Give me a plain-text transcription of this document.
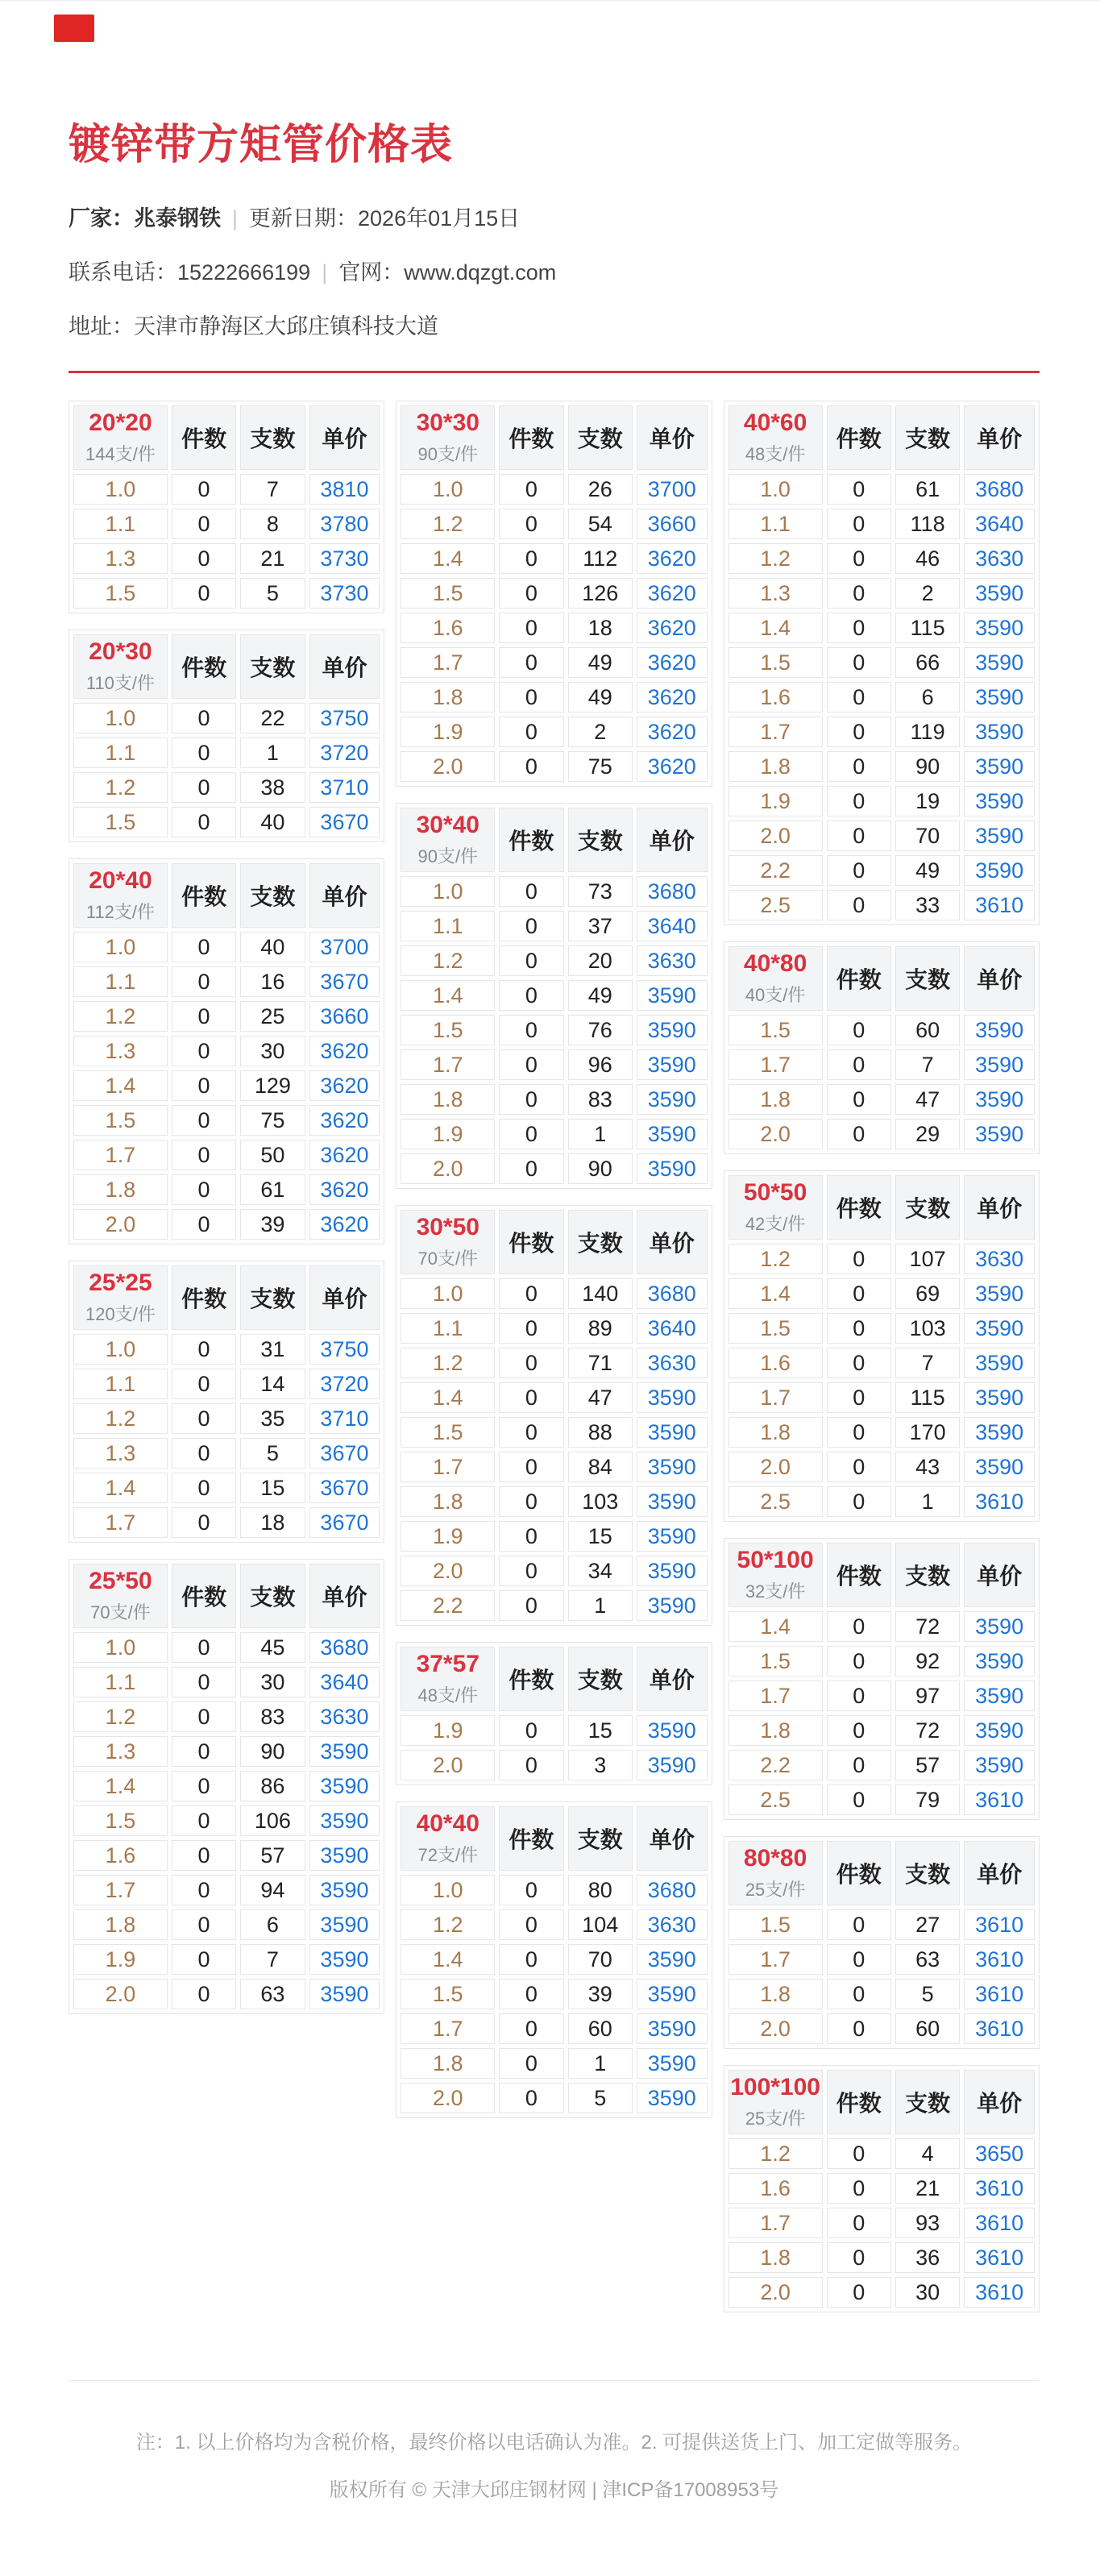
镀锌带方矩管价格表
厂家：兆泰钢铁 | 更新日期：2026年01月15日
联系电话：15222666199 | 官网：www.dqzgt.com
地址：天津市静海区大邱庄镇科技大道
20*20
144支/件	件数	支数	单价
1.0	0	7	3810
1.1	0	8	3780
1.3	0	21	3730
1.5	0	5	3730
20*30
110支/件	件数	支数	单价
1.0	0	22	3750
1.1	0	1	3720
1.2	0	38	3710
1.5	0	40	3670
20*40
112支/件	件数	支数	单价
1.0	0	40	3700
1.1	0	16	3670
1.2	0	25	3660
1.3	0	30	3620
1.4	0	129	3620
1.5	0	75	3620
1.7	0	50	3620
1.8	0	61	3620
2.0	0	39	3620
25*25
120支/件	件数	支数	单价
1.0	0	31	3750
1.1	0	14	3720
1.2	0	35	3710
1.3	0	5	3670
1.4	0	15	3670
1.7	0	18	3670
25*50
70支/件	件数	支数	单价
1.0	0	45	3680
1.1	0	30	3640
1.2	0	83	3630
1.3	0	90	3590
1.4	0	86	3590
1.5	0	106	3590
1.6	0	57	3590
1.7	0	94	3590
1.8	0	6	3590
1.9	0	7	3590
2.0	0	63	3590
30*30
90支/件	件数	支数	单价
1.0	0	26	3700
1.2	0	54	3660
1.4	0	112	3620
1.5	0	126	3620
1.6	0	18	3620
1.7	0	49	3620
1.8	0	49	3620
1.9	0	2	3620
2.0	0	75	3620
30*40
90支/件	件数	支数	单价
1.0	0	73	3680
1.1	0	37	3640
1.2	0	20	3630
1.4	0	49	3590
1.5	0	76	3590
1.7	0	96	3590
1.8	0	83	3590
1.9	0	1	3590
2.0	0	90	3590
30*50
70支/件	件数	支数	单价
1.0	0	140	3680
1.1	0	89	3640
1.2	0	71	3630
1.4	0	47	3590
1.5	0	88	3590
1.7	0	84	3590
1.8	0	103	3590
1.9	0	15	3590
2.0	0	34	3590
2.2	0	1	3590
37*57
48支/件	件数	支数	单价
1.9	0	15	3590
2.0	0	3	3590
40*40
72支/件	件数	支数	单价
1.0	0	80	3680
1.2	0	104	3630
1.4	0	70	3590
1.5	0	39	3590
1.7	0	60	3590
1.8	0	1	3590
2.0	0	5	3590
40*60
48支/件	件数	支数	单价
1.0	0	61	3680
1.1	0	118	3640
1.2	0	46	3630
1.3	0	2	3590
1.4	0	115	3590
1.5	0	66	3590
1.6	0	6	3590
1.7	0	119	3590
1.8	0	90	3590
1.9	0	19	3590
2.0	0	70	3590
2.2	0	49	3590
2.5	0	33	3610
40*80
40支/件	件数	支数	单价
1.5	0	60	3590
1.7	0	7	3590
1.8	0	47	3590
2.0	0	29	3590
50*50
42支/件	件数	支数	单价
1.2	0	107	3630
1.4	0	69	3590
1.5	0	103	3590
1.6	0	7	3590
1.7	0	115	3590
1.8	0	170	3590
2.0	0	43	3590
2.5	0	1	3610
50*100
32支/件	件数	支数	单价
1.4	0	72	3590
1.5	0	92	3590
1.7	0	97	3590
1.8	0	72	3590
2.2	0	57	3590
2.5	0	79	3610
80*80
25支/件	件数	支数	单价
1.5	0	27	3610
1.7	0	63	3610
1.8	0	5	3610
2.0	0	60	3610
100*100
25支/件	件数	支数	单价
1.2	0	4	3650
1.6	0	21	3610
1.7	0	93	3610
1.8	0	36	3610
2.0	0	30	3610
注：1. 以上价格均为含税价格，最终价格以电话确认为准。2. 可提供送货上门、加工定做等服务。
版权所有 © 天津大邱庄钢材网 | 津ICP备17008953号
